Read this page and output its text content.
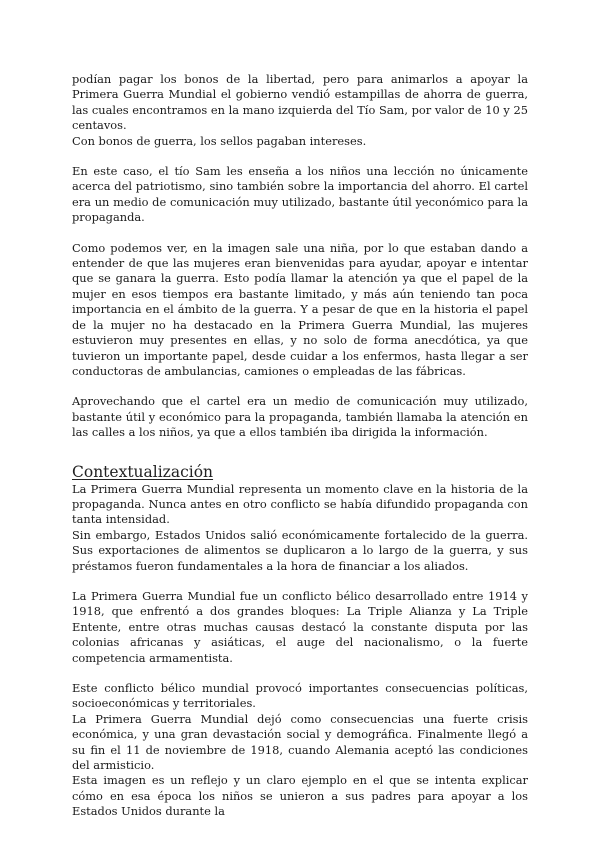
podían pagar los bonos de la libertad, pero para animarlos a apoyar la Primera Guerra Mundial el gobierno vendió estampillas de ahorra de guerra, las cuales encontramos en la mano izquierda del Tío Sam, por valor de 10 y 25 centavos.

Con bonos de guerra, los sellos pagaban intereses.

En este caso, el tío Sam les enseña a los niños una lección no únicamente acerca del patriotismo, sino también sobre la importancia del ahorro. El cartel era un medio de comunicación muy utilizado, bastante útil yeconómico para la propaganda.

Como podemos ver, en la imagen sale una niña, por lo que estaban dando a entender de que las mujeres eran bienvenidas para ayudar, apoyar e intentar que se ganara la guerra. Esto podía llamar la atención ya que el papel de la mujer en esos tiempos era bastante limitado, y más aún teniendo tan poca importancia en el ámbito de la guerra. Y a pesar de que en la historia el papel de la mujer no ha destacado en la Primera Guerra Mundial, las mujeres estuvieron muy presentes en ellas, y no solo de forma anecdótica, ya que tuvieron un importante papel, desde cuidar a los enfermos, hasta llegar a ser conductoras de ambulancias, camiones o empleadas de las fábricas.

Aprovechando que el cartel era un medio de comunicación muy utilizado, bastante útil y económico para la propaganda, también llamaba la atención en las calles a los niños, ya que a ellos también iba dirigida la información.

Contextualización

La Primera Guerra Mundial representa un momento clave en la historia de la propaganda. Nunca antes en otro conflicto se había difundido propaganda con tanta intensidad.

Sin embargo, Estados Unidos salió económicamente fortalecido de la guerra. Sus exportaciones de alimentos se duplicaron a lo largo de la guerra, y sus préstamos fueron fundamentales a la hora de financiar a los aliados.

La Primera Guerra Mundial fue un conflicto bélico desarrollado entre 1914 y 1918, que enfrentó a dos grandes bloques: La Triple Alianza y La Triple Entente, entre otras muchas causas destacó la constante disputa por las colonias africanas y asiáticas, el auge del nacionalismo, o la fuerte competencia armamentista.

Este conflicto bélico mundial provocó importantes consecuencias políticas, socioeconómicas y territoriales.

La Primera Guerra Mundial dejó como consecuencias una fuerte crisis económica, y una gran devastación social y demográfica. Finalmente llegó a su fin el 11 de noviembre de 1918, cuando Alemania aceptó las condiciones del armisticio.

Esta imagen es un reflejo y un claro ejemplo en el que se intenta explicar cómo en esa época los niños se unieron a sus padres para apoyar a los Estados Unidos durante la
